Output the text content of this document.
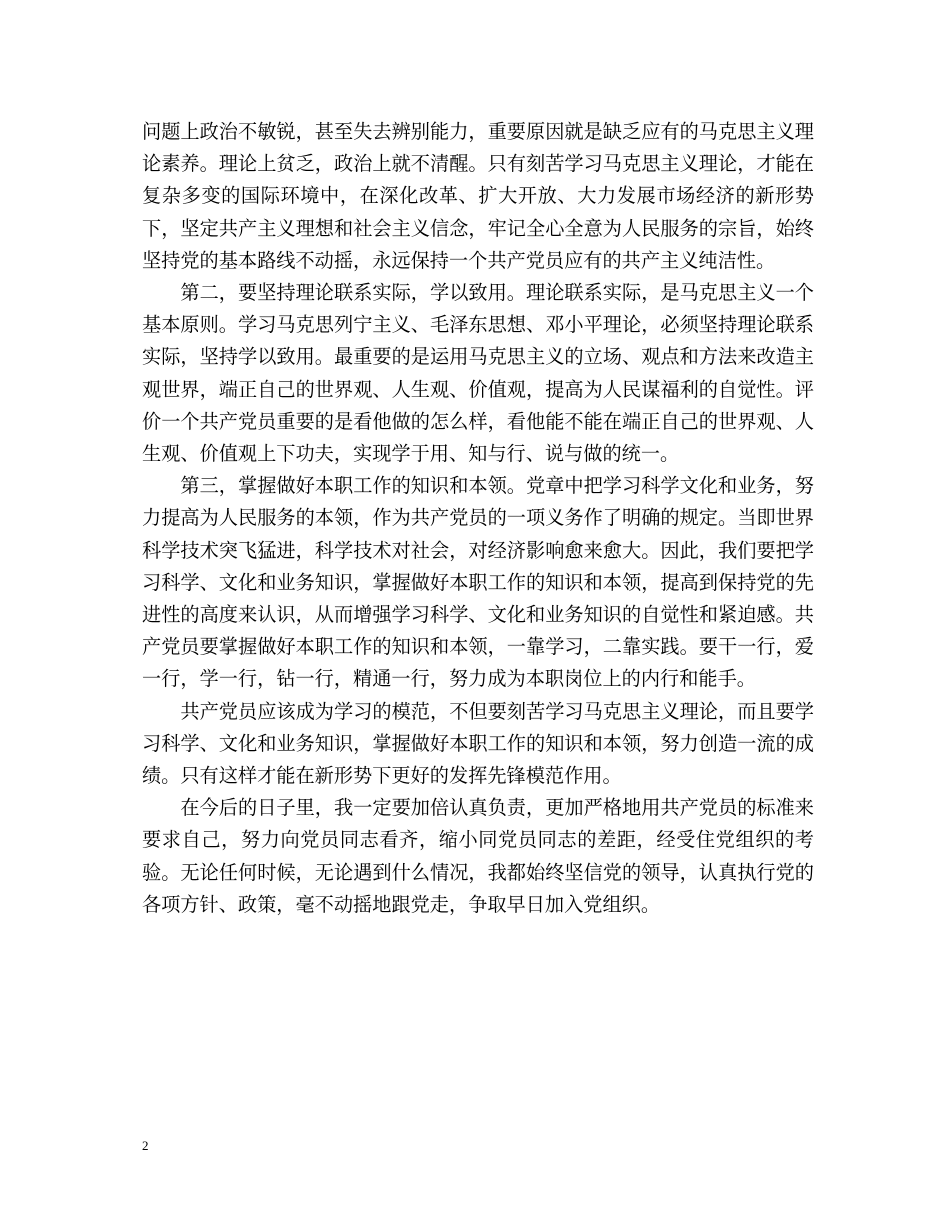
问题上政治不敏锐，甚至失去辨别能力，重要原因就是缺乏应有的马克思主义理论素养。理论上贫乏，政治上就不清醒。只有刻苦学习马克思主义理论，才能在复杂多变的国际环境中，在深化改革、扩大开放、大力发展市场经济的新形势下，坚定共产主义理想和社会主义信念，牢记全心全意为人民服务的宗旨，始终坚持党的基本路线不动摇，永远保持一个共产党员应有的共产主义纯洁性。

第二，要坚持理论联系实际，学以致用。理论联系实际，是马克思主义一个基本原则。学习马克思列宁主义、毛泽东思想、邓小平理论，必须坚持理论联系实际，坚持学以致用。最重要的是运用马克思主义的立场、观点和方法来改造主观世界，端正自己的世界观、人生观、价值观，提高为人民谋福利的自觉性。评价一个共产党员重要的是看他做的怎么样，看他能不能在端正自己的世界观、人生观、价值观上下功夫，实现学于用、知与行、说与做的统一。

第三，掌握做好本职工作的知识和本领。党章中把学习科学文化和业务，努力提高为人民服务的本领，作为共产党员的一项义务作了明确的规定。当即世界科学技术突飞猛进，科学技术对社会，对经济影响愈来愈大。因此，我们要把学习科学、文化和业务知识，掌握做好本职工作的知识和本领，提高到保持党的先进性的高度来认识，从而增强学习科学、文化和业务知识的自觉性和紧迫感。共产党员要掌握做好本职工作的知识和本领，一靠学习，二靠实践。要干一行，爱一行，学一行，钻一行，精通一行，努力成为本职岗位上的内行和能手。

共产党员应该成为学习的模范，不但要刻苦学习马克思主义理论，而且要学习科学、文化和业务知识，掌握做好本职工作的知识和本领，努力创造一流的成绩。只有这样才能在新形势下更好的发挥先锋模范作用。

在今后的日子里，我一定要加倍认真负责，更加严格地用共产党员的标准来要求自己，努力向党员同志看齐，缩小同党员同志的差距，经受住党组织的考验。无论任何时候，无论遇到什么情况，我都始终坚信党的领导，认真执行党的各项方针、政策，毫不动摇地跟党走，争取早日加入党组织。

2
